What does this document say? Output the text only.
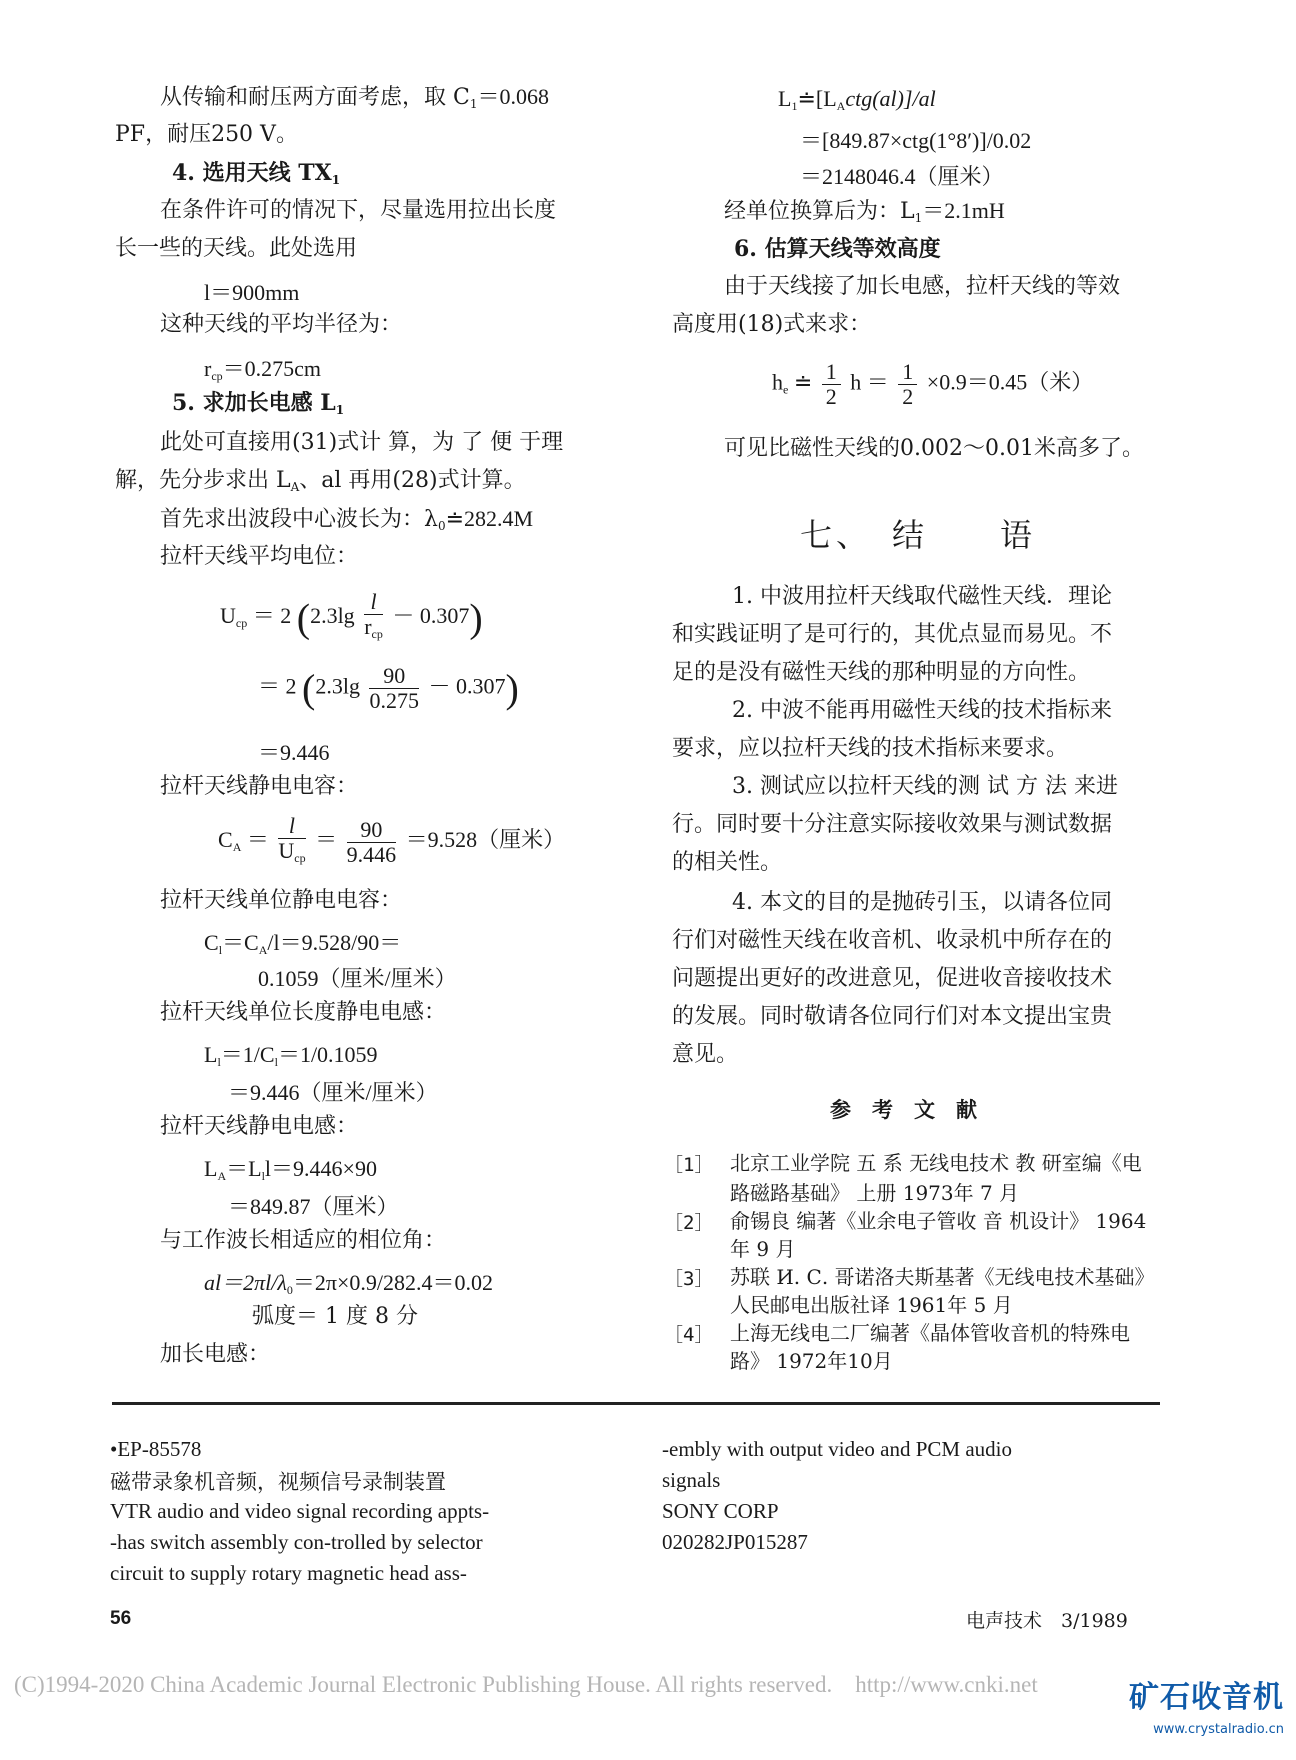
从传输和耐压两方面考虑，取 $C_1=0.068$
PF，耐压250 V。
4. 选用天线 $TX_1$
在条件许可的情况下，尽量选用拉出长度
长一些的天线。此处选用
l＝900mm
这种天线的平均半径为：
$r_{cp}=0.275cm$
5. 求加长电感 $L_1$
此处可直接用(31)式计 算，为 了 便 于理
解，先分步求出 $L_A$、al 再用(28)式计算。
首先求出波段中心波长为：$\lambda_0≐282.4M$
拉杆天线平均电位：
$U_{cp} = 2$ $(2.3\lg \frac{l}{r_{cp}} - 0.307)$
＝ 2 $(2.3\lg \frac{90}{0.275} - 0.307)$
＝9.446
拉杆天线静电电容：
$C_A = \frac{l}{U_{cp}} = \frac{90}{9.446} =9.528$（厘米）
拉杆天线单位静电电容：
$C_l=C_A/l=9.528/90=$
0.1059（厘米/厘米）
拉杆天线单位长度静电电感：
$L_l=1/C_l=1/0.1059$
＝9.446（厘米/厘米）
拉杆天线静电电感：
$L_A=L_ll=9.446\times 90$
＝849.87（厘米）
与工作波长相适应的相位角：
$al=2\pi l/\lambda_0=2\pi\times 0.9/282.4=0.02$
弧度＝ 1 度 8 分
加长电感：
$L_1≐[L_Actg(al)]/al$
＝[849.87×ctg(1°8′)]/0.02
＝2148046.4（厘米）
经单位换算后为：$L_1=2.1mH$
6. 估算天线等效高度
由于天线接了加长电感，拉杆天线的等效
高度用(18)式来求：
$h_e$ ≐ $\frac{1}{2}$ $h = \frac{1}{2} \times 0.9=0.45$（米）
可见比磁性天线的0.002～0.01米高多了。
七、　结　　语
1. 中波用拉杆天线取代磁性天线．理论
和实践证明了是可行的，其优点显而易见。不
足的是没有磁性天线的那种明显的方向性。
2. 中波不能再用磁性天线的技术指标来
要求，应以拉杆天线的技术指标来要求。
3. 测试应以拉杆天线的测 试 方 法 来进
行。同时要十分注意实际接收效果与测试数据
的相关性。
4. 本文的目的是抛砖引玉，以请各位同
行们对磁性天线在收音机、收录机中所存在的
问题提出更好的改进意见，促进收音接收技术
的发展。同时敬请各位同行们对本文提出宝贵
意见。
参　考　文　献
［1］ 北京工业学院 五 系 无线电技术 教 研室编《电
路磁路基础》 上册 1973年 7 月
［2］ 俞锡良 编著《业余电子管收 音 机设计》 1964
年 9 月
［3］ 苏联 И. С. 哥诺洛夫斯基著《无线电技术基础》
人民邮电出版社译 1961年 5 月
［4］ 上海无线电二厂编著《晶体管收音机的特殊电
路》 1972年10月
•EP-85578
磁带录象机音频，视频信号录制装置
VTR audio and video signal recording appts-
-has switch assembly con-trolled by selector
circuit to supply rotary magnetic head ass-
-embly with output video and PCM audio
signals
SONY CORP
020282JP015287
56	电声技术　3/1989
(C)1994-2020 China Academic Journal Electronic Publishing House. All rights reserved.　http://www.cnki.net	矿石收音机
www.crystalradio.cn
